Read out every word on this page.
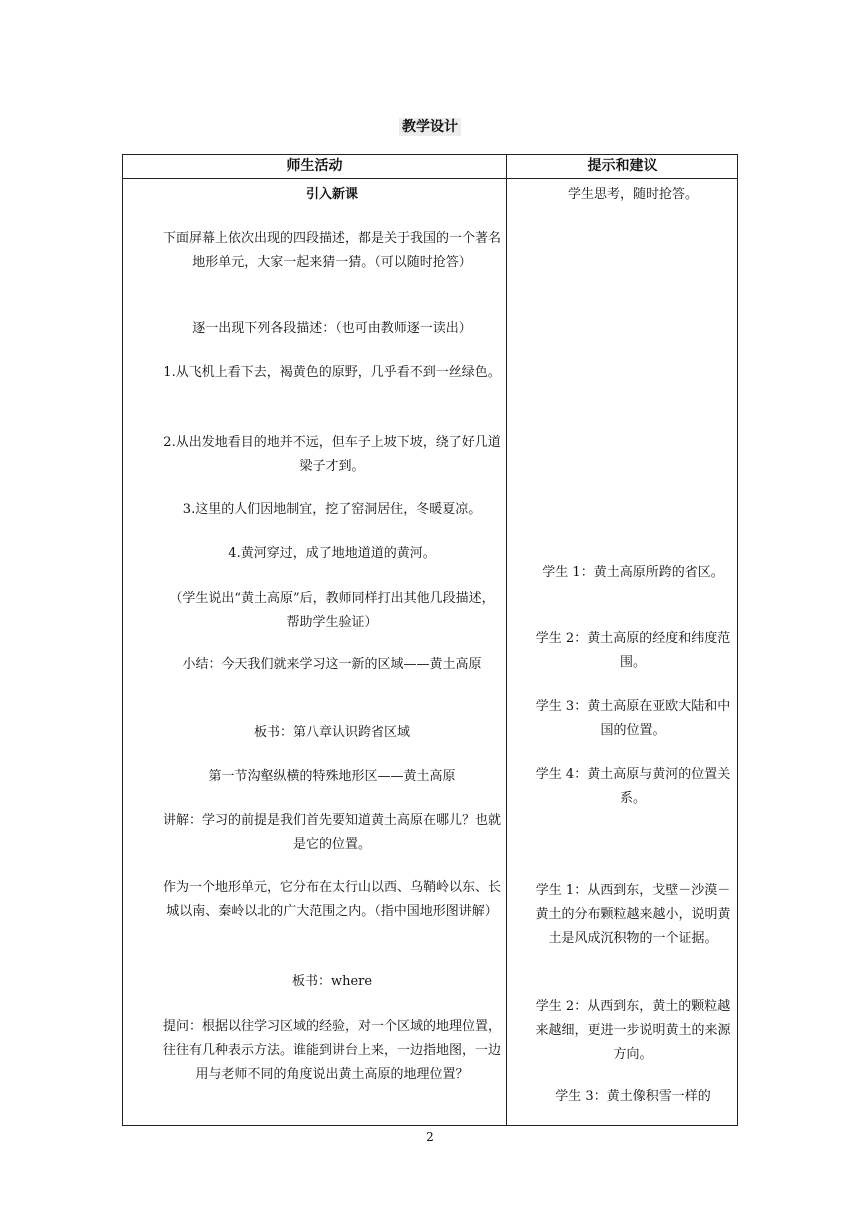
教学设计
师生活动	提示和建议
引入新课
下面屏幕上依次出现的四段描述，都是关于我国的一个著名地形单元，大家一起来猜一猜。（可以随时抢答）
逐一出现下列各段描述：（也可由教师逐一读出）
1.从飞机上看下去，褐黄色的原野，几乎看不到一丝绿色。
2.从出发地看目的地并不远，但车子上坡下坡，绕了好几道梁子才到。
3.这里的人们因地制宜，挖了窑洞居住，冬暖夏凉。
4.黄河穿过，成了地地道道的黄河。
（学生说出“黄土高原”后，教师同样打出其他几段描述，帮助学生验证）
小结：今天我们就来学习这一新的区域——黄土高原
板书：第八章认识跨省区域
第一节沟壑纵横的特殊地形区——黄土高原
讲解：学习的前提是我们首先要知道黄土高原在哪儿？也就是它的位置。
作为一个地形单元，它分布在太行山以西、乌鞘岭以东、长城以南、秦岭以北的广大范围之内。（指中国地形图讲解）
板书：where
提问：根据以往学习区域的经验，对一个区域的地理位置，往往有几种表示方法。谁能到讲台上来，一边指地图，一边用与老师不同的角度说出黄土高原的地理位置？
学生思考，随时抢答。
学生 1：黄土高原所跨的省区。
学生 2：黄土高原的经度和纬度范围。
学生 3：黄土高原在亚欧大陆和中国的位置。
学生 4：黄土高原与黄河的位置关系。
学生 1：从西到东，戈壁－沙漠－黄土的分布颗粒越来越小，说明黄土是风成沉积物的一个证据。
学生 2：从西到东，黄土的颗粒越来越细，更进一步说明黄土的来源方向。
学生 3：黄土像积雪一样的
2
